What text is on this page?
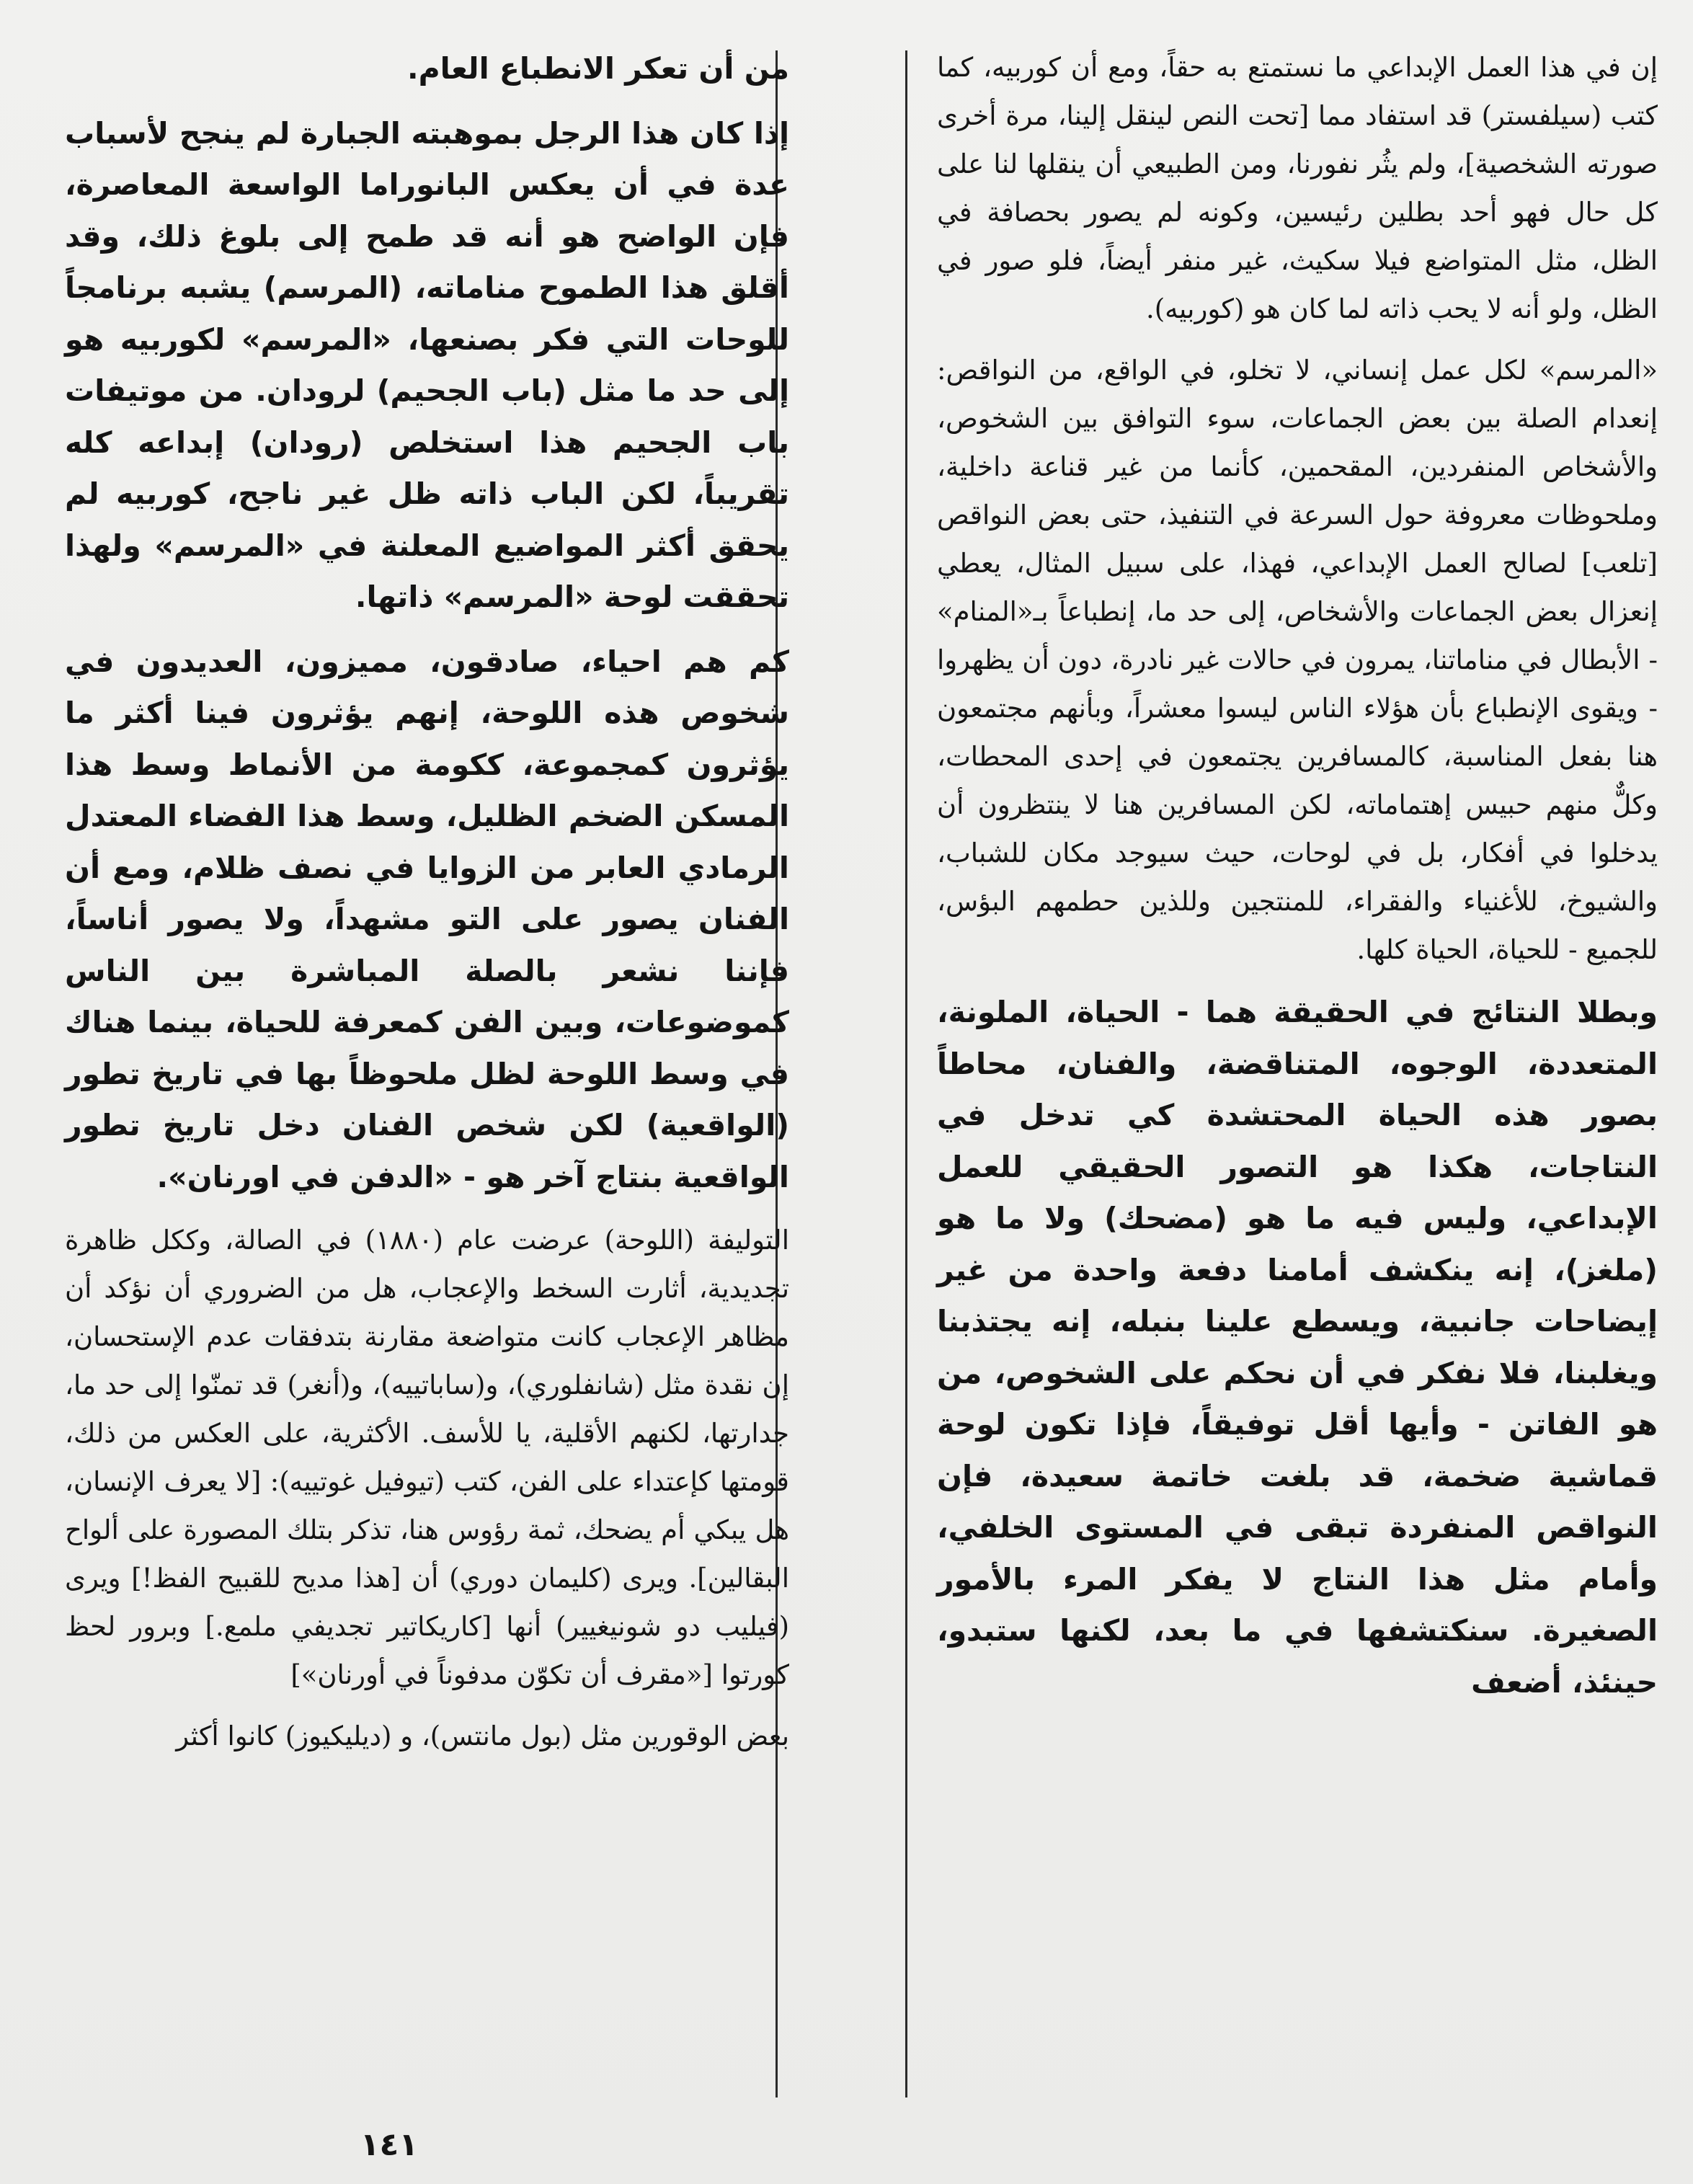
إن في هذا العمل الإبداعي ما نستمتع به حقاً، ومع أن كوربيه، كما كتب (سيلفستر) قد استفاد مما [تحت النص لينقل إلينا، مرة أخرى صورته الشخصية]، ولم يثُر نفورنا، ومن الطبيعي أن ينقلها لنا على كل حال فهو أحد بطلين رئيسين، وكونه لم يصور بحصافة في الظل، مثل المتواضع فيلا سكيث، غير منفر أيضاً، فلو صور في الظل، ولو أنه لا يحب ذاته لما كان هو (كوربيه).

«المرسم» لكل عمل إنساني، لا تخلو، في الواقع، من النواقص: إنعدام الصلة بين بعض الجماعات، سوء التوافق بين الشخوص، والأشخاص المنفردين، المقحمين، كأنما من غير قناعة داخلية، وملحوظات معروفة حول السرعة في التنفيذ، حتى بعض النواقص [تلعب] لصالح العمل الإبداعي، فهذا، على سبيل المثال، يعطي إنعزال بعض الجماعات والأشخاص، إلى حد ما، إنطباعاً بـ«المنام» - الأبطال في مناماتنا، يمرون في حالات غير نادرة، دون أن يظهروا - ويقوى الإنطباع بأن هؤلاء الناس ليسوا معشراً، وبأنهم مجتمعون هنا بفعل المناسبة، كالمسافرين يجتمعون في إحدى المحطات، وكلٌّ منهم حبيس إهتماماته، لكن المسافرين هنا لا ينتظرون أن يدخلوا في أفكار، بل في لوحات، حيث سيوجد مكان للشباب، والشيوخ، للأغنياء والفقراء، للمنتجين وللذين حطمهم البؤس، للجميع - للحياة، الحياة كلها.

وبطلا النتائج في الحقيقة هما - الحياة، الملونة، المتعددة، الوجوه، المتناقضة، والفنان، محاطاً بصور هذه الحياة المحتشدة كي تدخل في النتاجات، هكذا هو التصور الحقيقي للعمل الإبداعي، وليس فيه ما هو (مضحك) ولا ما هو (ملغز)، إنه ينكشف أمامنا دفعة واحدة من غير إيضاحات جانبية، ويسطع علينا بنبله، إنه يجتذبنا ويغلبنا، فلا نفكر في أن نحكم على الشخوص، من هو الفاتن - وأيها أقل توفيقاً، فإذا تكون لوحة قماشية ضخمة، قد بلغت خاتمة سعيدة، فإن النواقص المنفردة تبقى في المستوى الخلفي، وأمام مثل هذا النتاج لا يفكر المرء بالأمور الصغيرة. سنكتشفها في ما بعد، لكنها ستبدو، حينئذ، أضعف

من أن تعكر الانطباع العام.

إذا كان هذا الرجل بموهبته الجبارة لم ينجح لأسباب عدة في أن يعكس البانوراما الواسعة المعاصرة، فإن الواضح هو أنه قد طمح إلى بلوغ ذلك، وقد أقلق هذا الطموح مناماته، (المرسم) يشبه برنامجاً للوحات التي فكر بصنعها، «المرسم» لكوربيه هو إلى حد ما مثل (باب الجحيم) لرودان. من موتيفات باب الجحيم هذا استخلص (رودان) إبداعه كله تقريباً، لكن الباب ذاته ظل غير ناجح، كوربيه لم يحقق أكثر المواضيع المعلنة في «المرسم» ولهذا تحققت لوحة «المرسم» ذاتها.

كم هم احياء، صادقون، مميزون، العديدون في شخوص هذه اللوحة، إنهم يؤثرون فينا أكثر ما يؤثرون كمجموعة، ككومة من الأنماط وسط هذا المسكن الضخم الظليل، وسط هذا الفضاء المعتدل الرمادي العابر من الزوايا في نصف ظلام، ومع أن الفنان يصور على التو مشهداً، ولا يصور أناساً، فإننا نشعر بالصلة المباشرة بين الناس كموضوعات، وبين الفن كمعرفة للحياة، بينما هناك في وسط اللوحة لظل ملحوظاً بها في تاريخ تطور (الواقعية) لكن شخص الفنان دخل تاريخ تطور الواقعية بنتاج آخر هو - «الدفن في اورنان».

التوليفة (اللوحة) عرضت عام (١٨٨٠) في الصالة، وككل ظاهرة تجديدية، أثارت السخط والإعجاب، هل من الضروري أن نؤكد أن مظاهر الإعجاب كانت متواضعة مقارنة بتدفقات عدم الإستحسان، إن نقدة مثل (شانفلوري)، و(ساباتييه)، و(أنغر) قد تمنّوا إلى حد ما، جدارتها، لكنهم الأقلية، يا للأسف. الأكثرية، على العكس من ذلك، قومتها كإعتداء على الفن، كتب (تيوفيل غوتييه): [لا يعرف الإنسان، هل يبكي أم يضحك، ثمة رؤوس هنا، تذكر بتلك المصورة على ألواح البقالين]. ويرى (كليمان دوري) أن [هذا مديح للقبيح الفظ!] ويرى (فيليب دو شونيغيير) أنها [كاريكاتير تجديفي ملمع.] وبرور لحظ كورتوا [«مقرف أن تكوّن مدفوناً في أورنان»]

بعض الوقورين مثل (بول مانتس)، و (ديليكيوز) كانوا أكثر

١٤١
